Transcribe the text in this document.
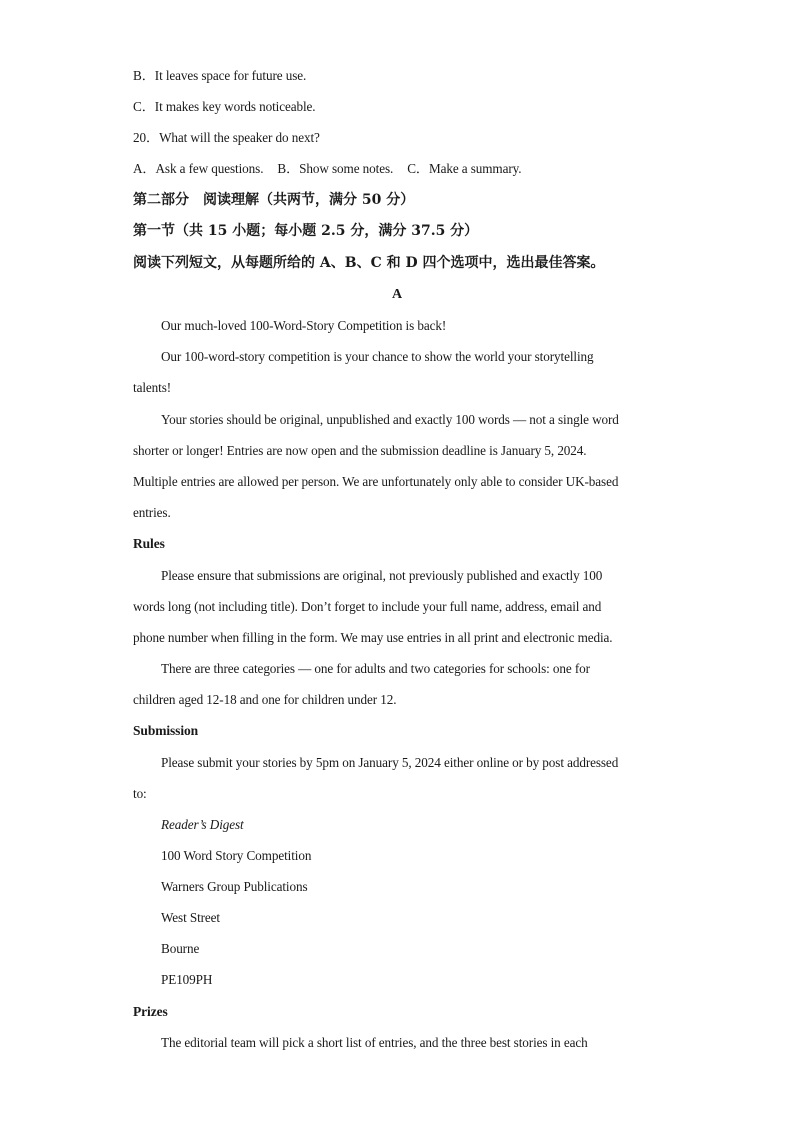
B．It leaves space for future use.
C．It makes key words noticeable.
20．What will the speaker do next?
A．Ask a few questions. B．Show some notes. C．Make a summary.
第二部分　阅读理解（共两节，满分 50 分）
第一节（共 15 小题；每小题 2.5 分，满分 37.5 分）
阅读下列短文，从每题所给的 A、B、C 和 D 四个选项中，选出最佳答案。
A
Our much-loved 100-Word-Story Competition is back!
Our 100-word-story competition is your chance to show the world your storytelling
talents!
Your stories should be original, unpublished and exactly 100 words — not a single word
shorter or longer! Entries are now open and the submission deadline is January 5, 2024.
Multiple entries are allowed per person. We are unfortunately only able to consider UK-based
entries.
Rules
Please ensure that submissions are original, not previously published and exactly 100
words long (not including title). Don’t forget to include your full name, address, email and
phone number when filling in the form. We may use entries in all print and electronic media.
There are three categories — one for adults and two categories for schools: one for
children aged 12-18 and one for children under 12.
Submission
Please submit your stories by 5pm on January 5, 2024 either online or by post addressed
to:
Reader’s Digest
100 Word Story Competition
Warners Group Publications
West Street
Bourne
PE109PH
Prizes
The editorial team will pick a short list of entries, and the three best stories in each
